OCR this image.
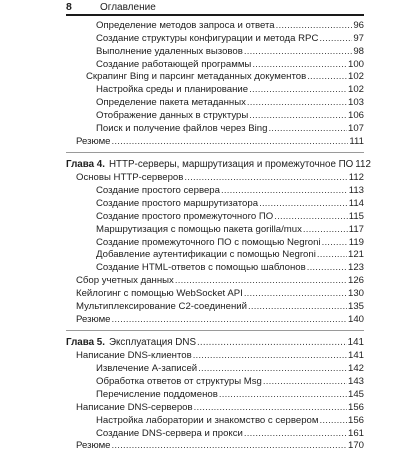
8	Оглавление
Определение методов запроса и ответа .....	96
Создание структуры конфигурации и метода RPC .....	97
Выполнение удаленных вызовов .....	98
Создание работающей программы .....	100
Скрапинг Bing и парсинг метаданных документов .....	102
Настройка среды и планирование .....	102
Определение пакета метаданных .....	103
Отображение данных в структуры .....	106
Поиск и получение файлов через Bing .....	107
Резюме .....	111
Глава 4. HTTP-серверы, маршрутизация и промежуточное ПО 112
Основы HTTP-серверов .....	112
Создание простого сервера .....	113
Создание простого маршрутизатора .....	114
Создание простого промежуточного ПО .....	115
Маршрутизация с помощью пакета gorilla/mux .....	117
Создание промежуточного ПО с помощью Negroni .....	119
Добавление аутентификации с помощью Negroni .....	121
Создание HTML-ответов с помощью шаблонов .....	123
Сбор учетных данных .....	126
Кейлогинг с помощью WebSocket API .....	130
Мультиплексирование C2-соединений .....	135
Резюме .....	140
Глава 5. Эксплуатация DNS .....	141
Написание DNS-клиентов .....	141
Извлечение A-записей .....	142
Обработка ответов от структуры Msg .....	143
Перечисление поддоменов .....	145
Написание DNS-серверов .....	156
Настройка лаборатории и знакомство с сервером .....	156
Создание DNS-сервера и прокси .....	161
Резюме .....	170
